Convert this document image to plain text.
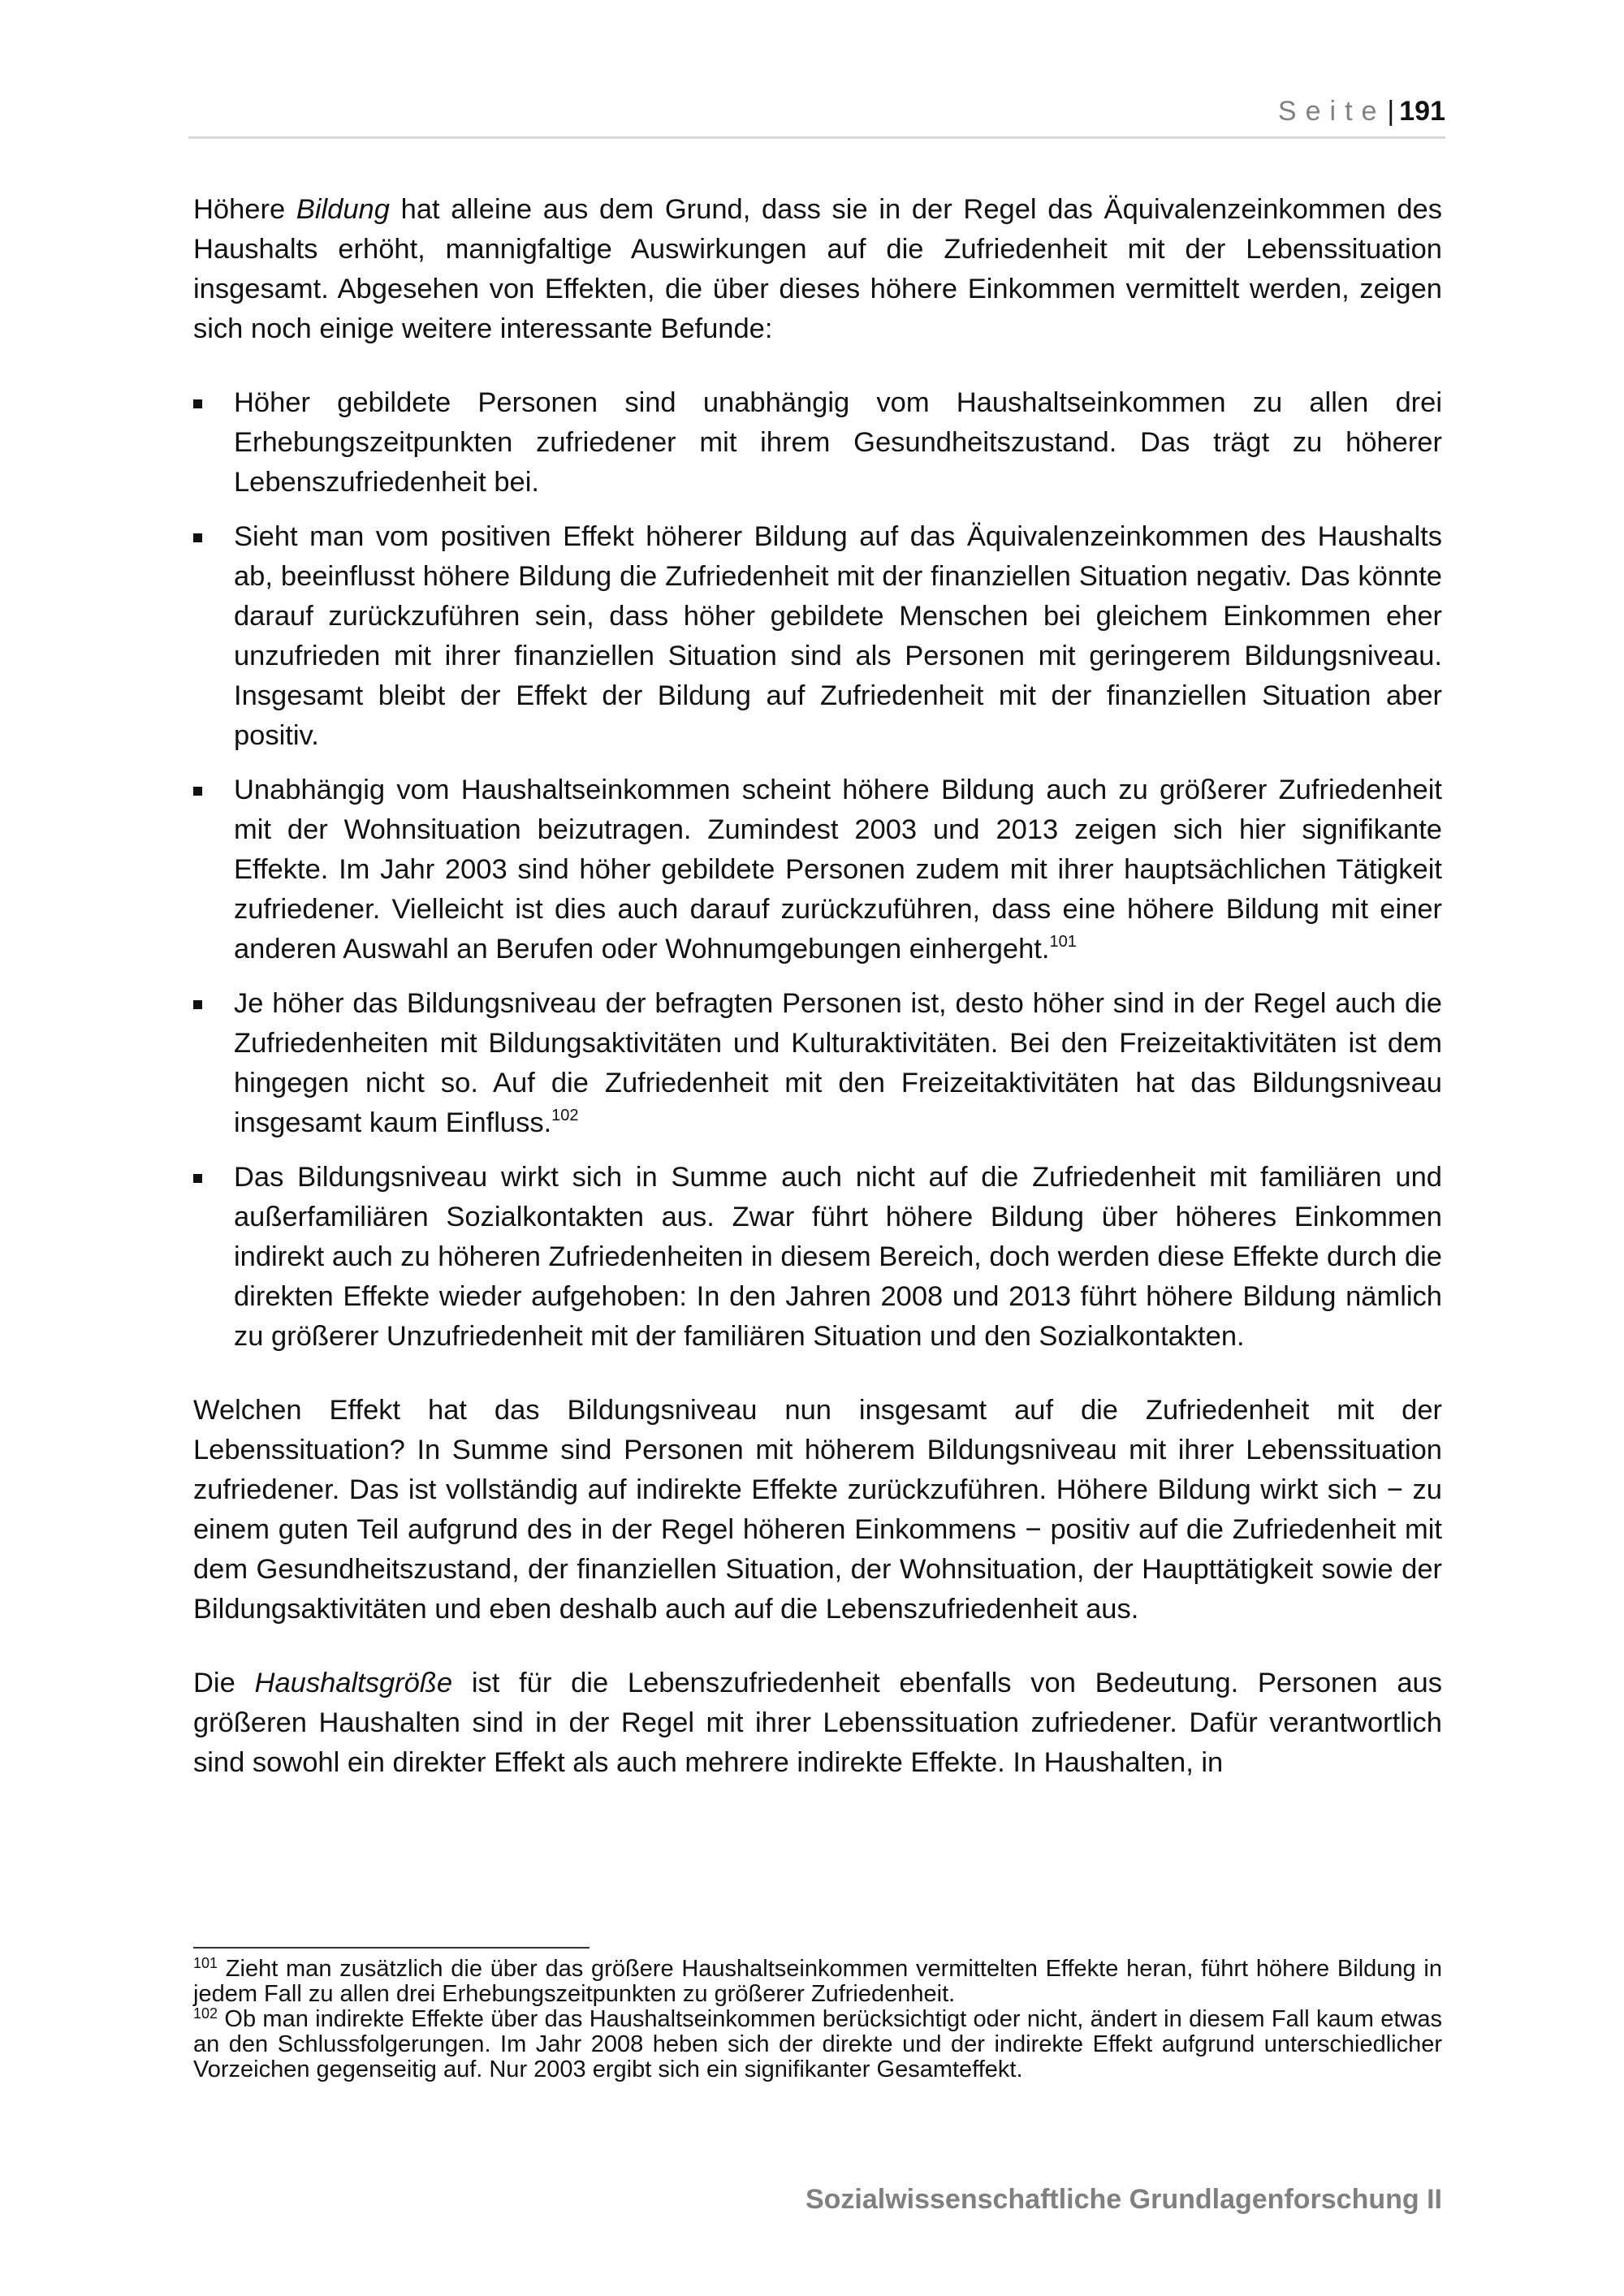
Seite| 191

Höhere Bildung hat alleine aus dem Grund, dass sie in der Regel das Äquivalenzeinkommen des Haushalts erhöht, mannigfaltige Auswirkungen auf die Zufriedenheit mit der Lebenssituation insgesamt. Abgesehen von Effekten, die über dieses höhere Einkommen vermittelt werden, zeigen sich noch einige weitere interessante Befunde:

Höher gebildete Personen sind unabhängig vom Haushaltseinkommen zu allen drei Erhebungszeitpunkten zufriedener mit ihrem Gesundheitszustand. Das trägt zu höherer Lebenszufriedenheit bei.
Sieht man vom positiven Effekt höherer Bildung auf das Äquivalenzeinkommen des Haushalts ab, beeinflusst höhere Bildung die Zufriedenheit mit der finanziellen Situation negativ. Das könnte darauf zurückzuführen sein, dass höher gebildete Menschen bei gleichem Einkommen eher unzufrieden mit ihrer finanziellen Situation sind als Personen mit geringerem Bildungsniveau. Insgesamt bleibt der Effekt der Bildung auf Zufriedenheit mit der finanziellen Situation aber positiv.
Unabhängig vom Haushaltseinkommen scheint höhere Bildung auch zu größerer Zufriedenheit mit der Wohnsituation beizutragen. Zumindest 2003 und 2013 zeigen sich hier signifikante Effekte. Im Jahr 2003 sind höher gebildete Personen zudem mit ihrer hauptsächlichen Tätigkeit zufriedener. Vielleicht ist dies auch darauf zurückzuführen, dass eine höhere Bildung mit einer anderen Auswahl an Berufen oder Wohnumgebungen einhergeht.$^{101}$
Je höher das Bildungsniveau der befragten Personen ist, desto höher sind in der Regel auch die Zufriedenheiten mit Bildungsaktivitäten und Kulturaktivitäten. Bei den Freizeitaktivitäten ist dem hingegen nicht so. Auf die Zufriedenheit mit den Freizeitaktivitäten hat das Bildungsniveau insgesamt kaum Einfluss.$^{102}$
Das Bildungsniveau wirkt sich in Summe auch nicht auf die Zufriedenheit mit familiären und außerfamiliären Sozialkontakten aus. Zwar führt höhere Bildung über höheres Einkommen indirekt auch zu höheren Zufriedenheiten in diesem Bereich, doch werden diese Effekte durch die direkten Effekte wieder aufgehoben: In den Jahren 2008 und 2013 führt höhere Bildung nämlich zu größerer Unzufriedenheit mit der familiären Situation und den Sozialkontakten.

Welchen Effekt hat das Bildungsniveau nun insgesamt auf die Zufriedenheit mit der Lebenssituation? In Summe sind Personen mit höherem Bildungsniveau mit ihrer Lebenssituation zufriedener. Das ist vollständig auf indirekte Effekte zurückzuführen. Höhere Bildung wirkt sich − zu einem guten Teil aufgrund des in der Regel höheren Einkommens − positiv auf die Zufriedenheit mit dem Gesundheitszustand, der finanziellen Situation, der Wohnsituation, der Haupttätigkeit sowie der Bildungsaktivitäten und eben deshalb auch auf die Lebenszufriedenheit aus.

Die Haushaltsgröße ist für die Lebenszufriedenheit ebenfalls von Bedeutung. Personen aus größeren Haushalten sind in der Regel mit ihrer Lebenssituation zufriedener. Dafür verantwortlich sind sowohl ein direkter Effekt als auch mehrere indirekte Effekte. In Haushalten, in

$^{101}$ Zieht man zusätzlich die über das größere Haushaltseinkommen vermittelten Effekte heran, führt höhere Bildung in jedem Fall zu allen drei Erhebungszeitpunkten zu größerer Zufriedenheit.

$^{102}$ Ob man indirekte Effekte über das Haushaltseinkommen berücksichtigt oder nicht, ändert in diesem Fall kaum etwas an den Schlussfolgerungen. Im Jahr 2008 heben sich der direkte und der indirekte Effekt aufgrund unterschiedlicher Vorzeichen gegenseitig auf. Nur 2003 ergibt sich ein signifikanter Gesamteffekt.

Sozialwissenschaftliche Grundlagenforschung II
